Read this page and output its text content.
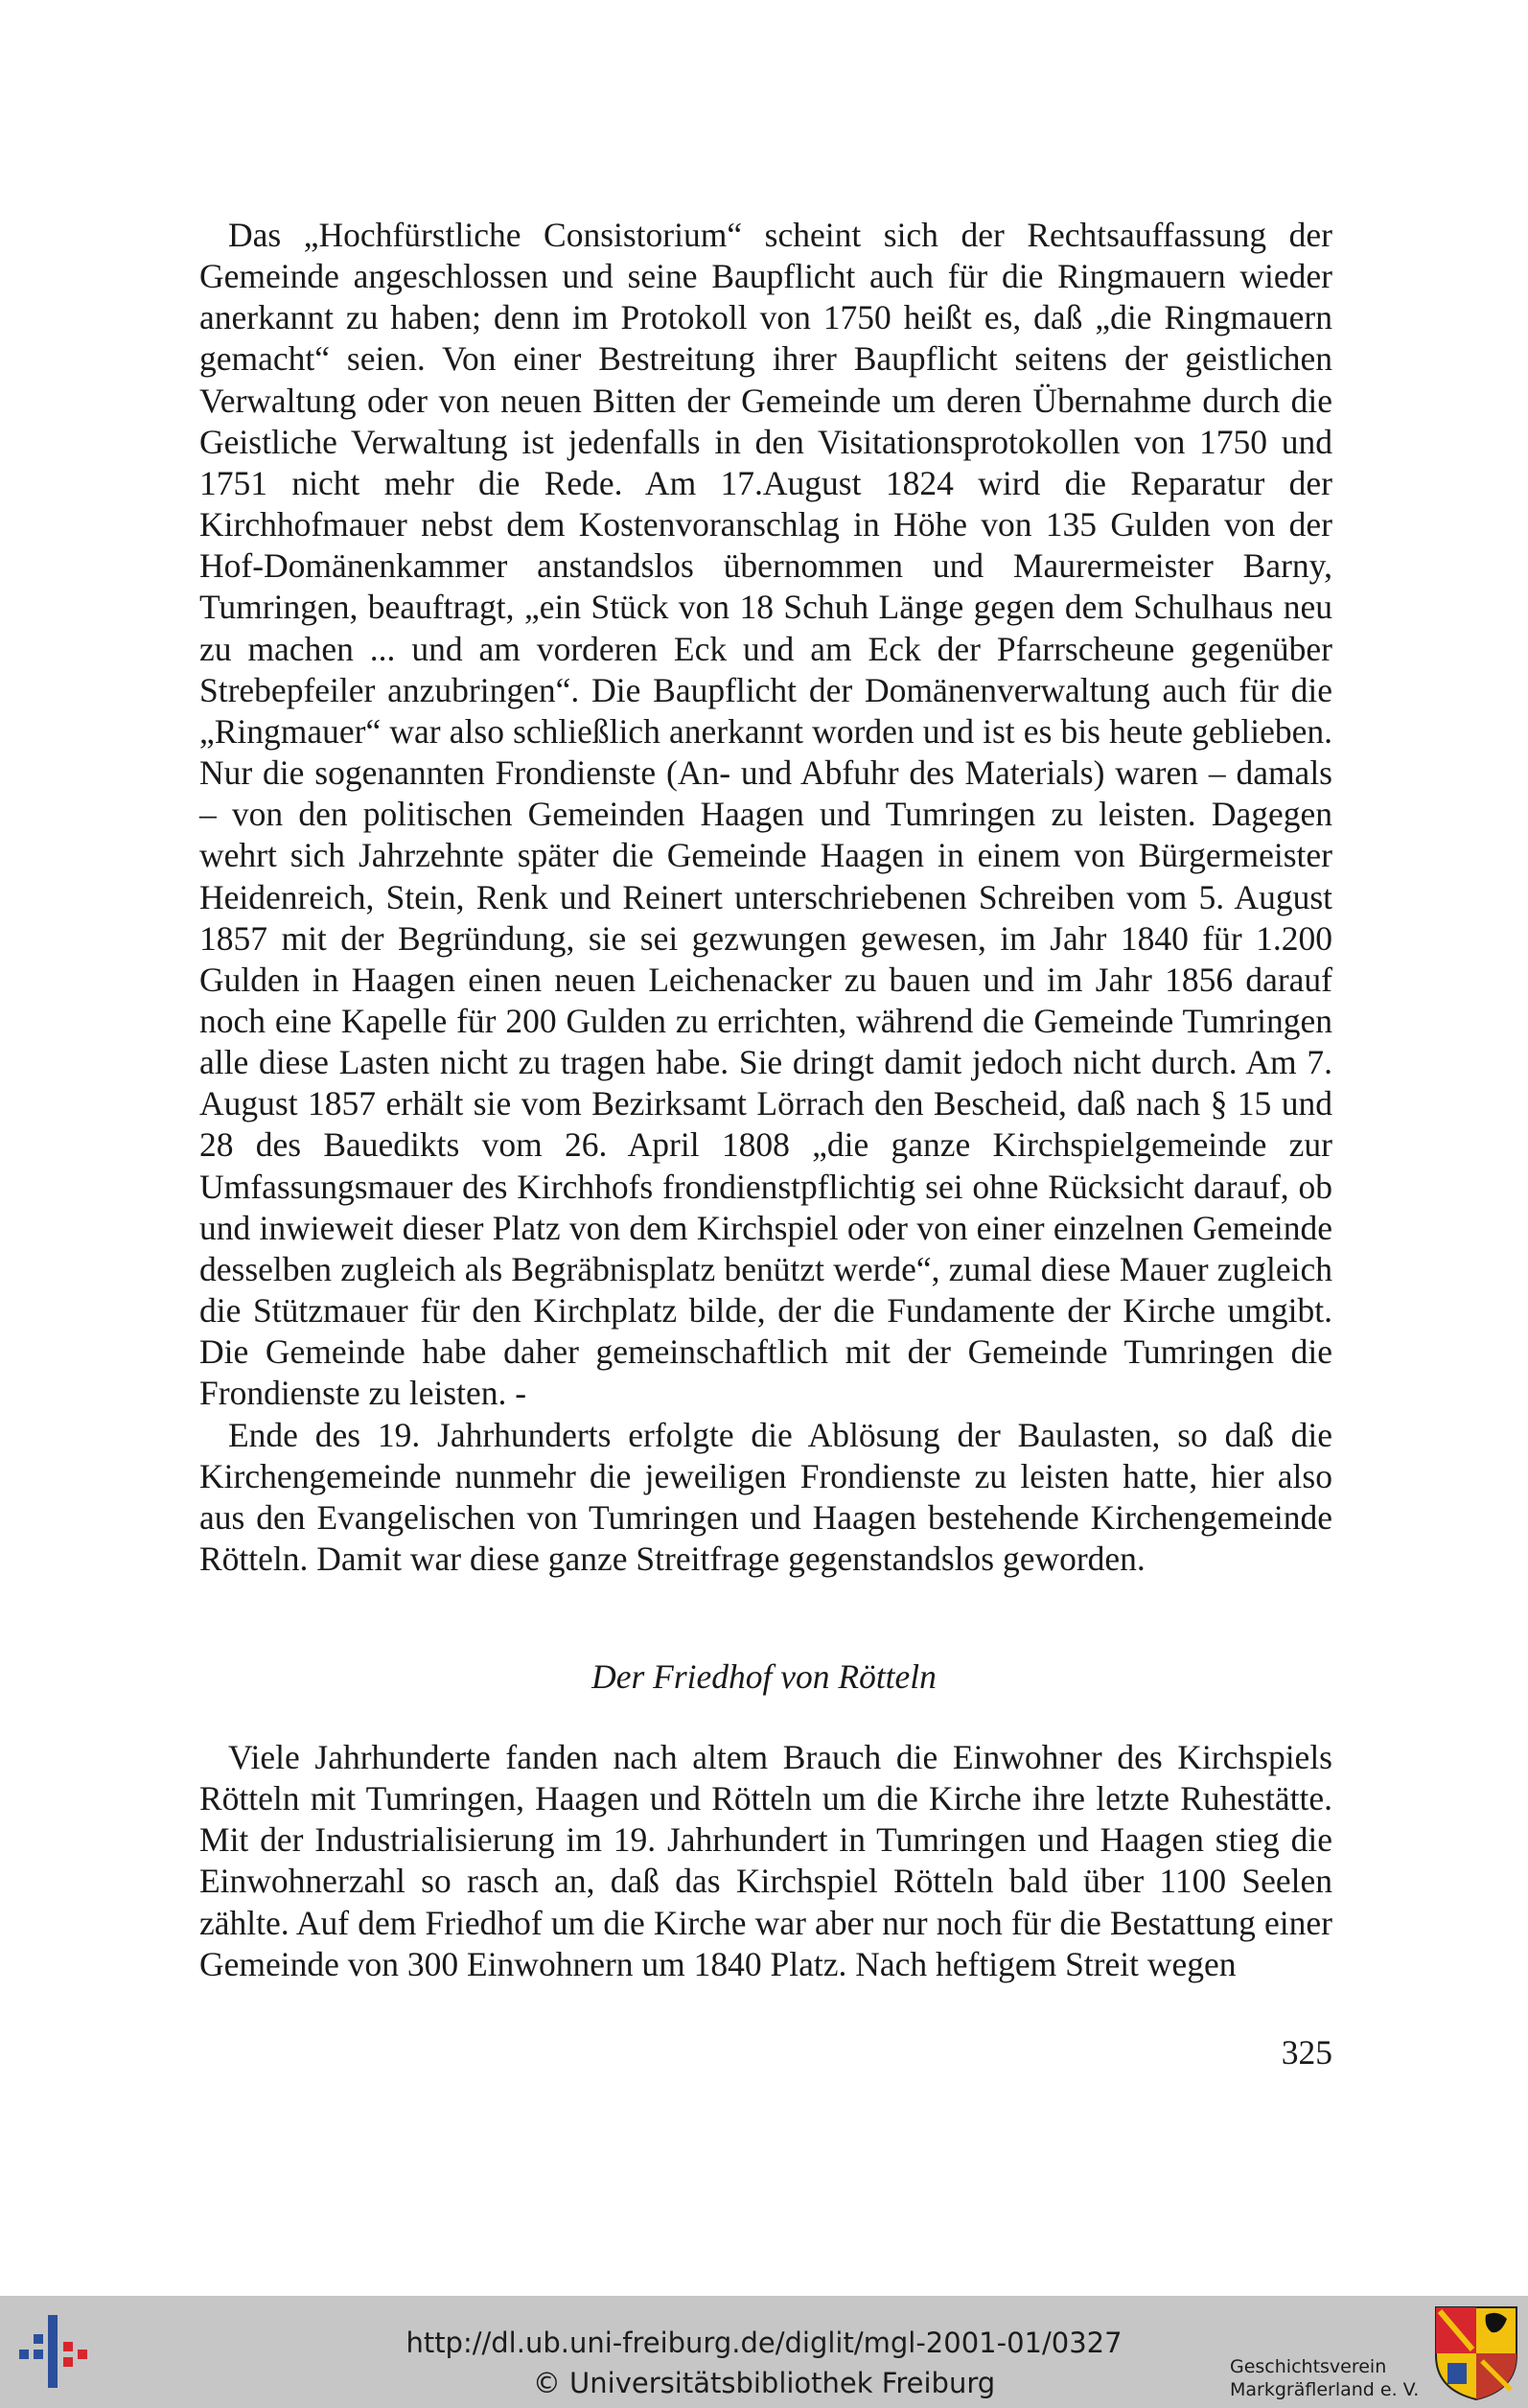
Das „Hochfürstliche Consistorium“ scheint sich der Rechtsauffassung der Gemeinde angeschlossen und seine Baupflicht auch für die Ringmauern wieder anerkannt zu haben; denn im Protokoll von 1750 heißt es, daß „die Ringmauern gemacht“ seien. Von einer Bestreitung ihrer Baupflicht seitens der geistlichen Verwaltung oder von neuen Bitten der Gemeinde um deren Übernahme durch die Geistliche Verwaltung ist jedenfalls in den Visitationsprotokollen von 1750 und 1751 nicht mehr die Rede. Am 17.August 1824 wird die Reparatur der Kirchhofmauer nebst dem Kostenvoranschlag in Höhe von 135 Gulden von der Hof-Domänenkammer anstandslos übernommen und Maurermeister Barny, Tumringen, beauftragt, „ein Stück von 18 Schuh Länge gegen dem Schulhaus neu zu machen ... und am vorderen Eck und am Eck der Pfarrscheune gegenüber Strebepfeiler anzubringen“. Die Baupflicht der Domänenverwaltung auch für die „Ringmauer“ war also schließlich anerkannt worden und ist es bis heute geblieben. Nur die sogenannten Frondienste (An- und Abfuhr des Materials) waren – damals – von den politischen Gemeinden Haagen und Tumringen zu leisten. Dagegen wehrt sich Jahrzehnte später die Gemeinde Haagen in einem von Bürgermeister Heidenreich, Stein, Renk und Reinert unterschriebenen Schreiben vom 5. August 1857 mit der Begründung, sie sei gezwungen gewesen, im Jahr 1840 für 1.200 Gulden in Haagen einen neuen Leichenacker zu bauen und im Jahr 1856 darauf noch eine Kapelle für 200 Gulden zu errichten, während die Gemeinde Tumringen alle diese Lasten nicht zu tragen habe. Sie dringt damit jedoch nicht durch. Am 7. August 1857 erhält sie vom Bezirksamt Lörrach den Bescheid, daß nach § 15 und 28 des Bauedikts vom 26. April 1808 „die ganze Kirchspielgemeinde zur Umfassungsmauer des Kirchhofs frondienstpflichtig sei ohne Rücksicht darauf, ob und inwieweit dieser Platz von dem Kirchspiel oder von einer einzelnen Gemeinde desselben zugleich als Begräbnisplatz benützt werde“, zumal diese Mauer zugleich die Stützmauer für den Kirchplatz bilde, der die Fundamente der Kirche umgibt. Die Gemeinde habe daher gemeinschaftlich mit der Gemeinde Tumringen die Frondienste zu leisten. -

Ende des 19. Jahrhunderts erfolgte die Ablösung der Baulasten, so daß die Kirchengemeinde nunmehr die jeweiligen Frondienste zu leisten hatte, hier also aus den Evangelischen von Tumringen und Haagen bestehende Kirchengemeinde Rötteln. Damit war diese ganze Streitfrage gegenstandslos geworden.

Der Friedhof von Rötteln

Viele Jahrhunderte fanden nach altem Brauch die Einwohner des Kirchspiels Rötteln mit Tumringen, Haagen und Rötteln um die Kirche ihre letzte Ruhestätte. Mit der Industrialisierung im 19. Jahrhundert in Tumringen und Haagen stieg die Einwohnerzahl so rasch an, daß das Kirchspiel Rötteln bald über 1100 Seelen zählte. Auf dem Friedhof um die Kirche war aber nur noch für die Bestattung einer Gemeinde von 300 Einwohnern um 1840 Platz. Nach heftigem Streit wegen

325
http://dl.ub.uni-freiburg.de/diglit/mgl-2001-01/0327
© Universitätsbibliothek Freiburg	Geschichtsverein
Markgräflerland e. V.
